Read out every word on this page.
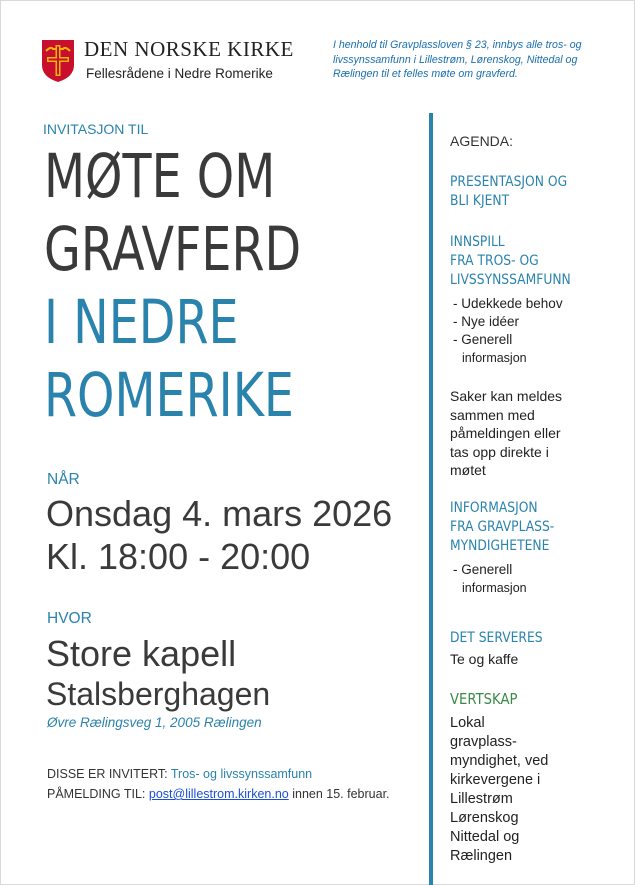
DEN NORSKE KIRKE
Fellesrådene i Nedre Romerike
I henhold til Gravplassloven § 23, innbys alle tros- og livssynssamfunn i Lillestrøm, Lørenskog, Nittedal og Rælingen til et felles møte om gravferd.
INVITASJON TIL
MØTE OM
GRAVFERD
I NEDRE
ROMERIKE
NÅR
Onsdag 4. mars 2026
Kl. 18:00 - 20:00
HVOR
Store kapell
Stalsberghagen
Øvre Rælingsveg 1, 2005 Rælingen
DISSE ER INVITERT: Tros- og livssynssamfunn
PÅMELDING TIL: post@lillestrom.kirken.no innen 15. februar.
AGENDA:
PRESENTASJON OG
BLI KJENT
INNSPILL
FRA TROS- OG
LIVSSYNSSAMFUNN
- Udekkede behov
- Nye idéer
- Generell
informasjon
Saker kan meldes
sammen med
påmeldingen eller
tas opp direkte i
møtet
INFORMASJON
FRA GRAVPLASS-
MYNDIGHETENE
- Generell
informasjon
DET SERVERES
Te og kaffe
VERTSKAP
Lokal
gravplass-
myndighet, ved
kirkevergene i
Lillestrøm
Lørenskog
Nittedal og
Rælingen
